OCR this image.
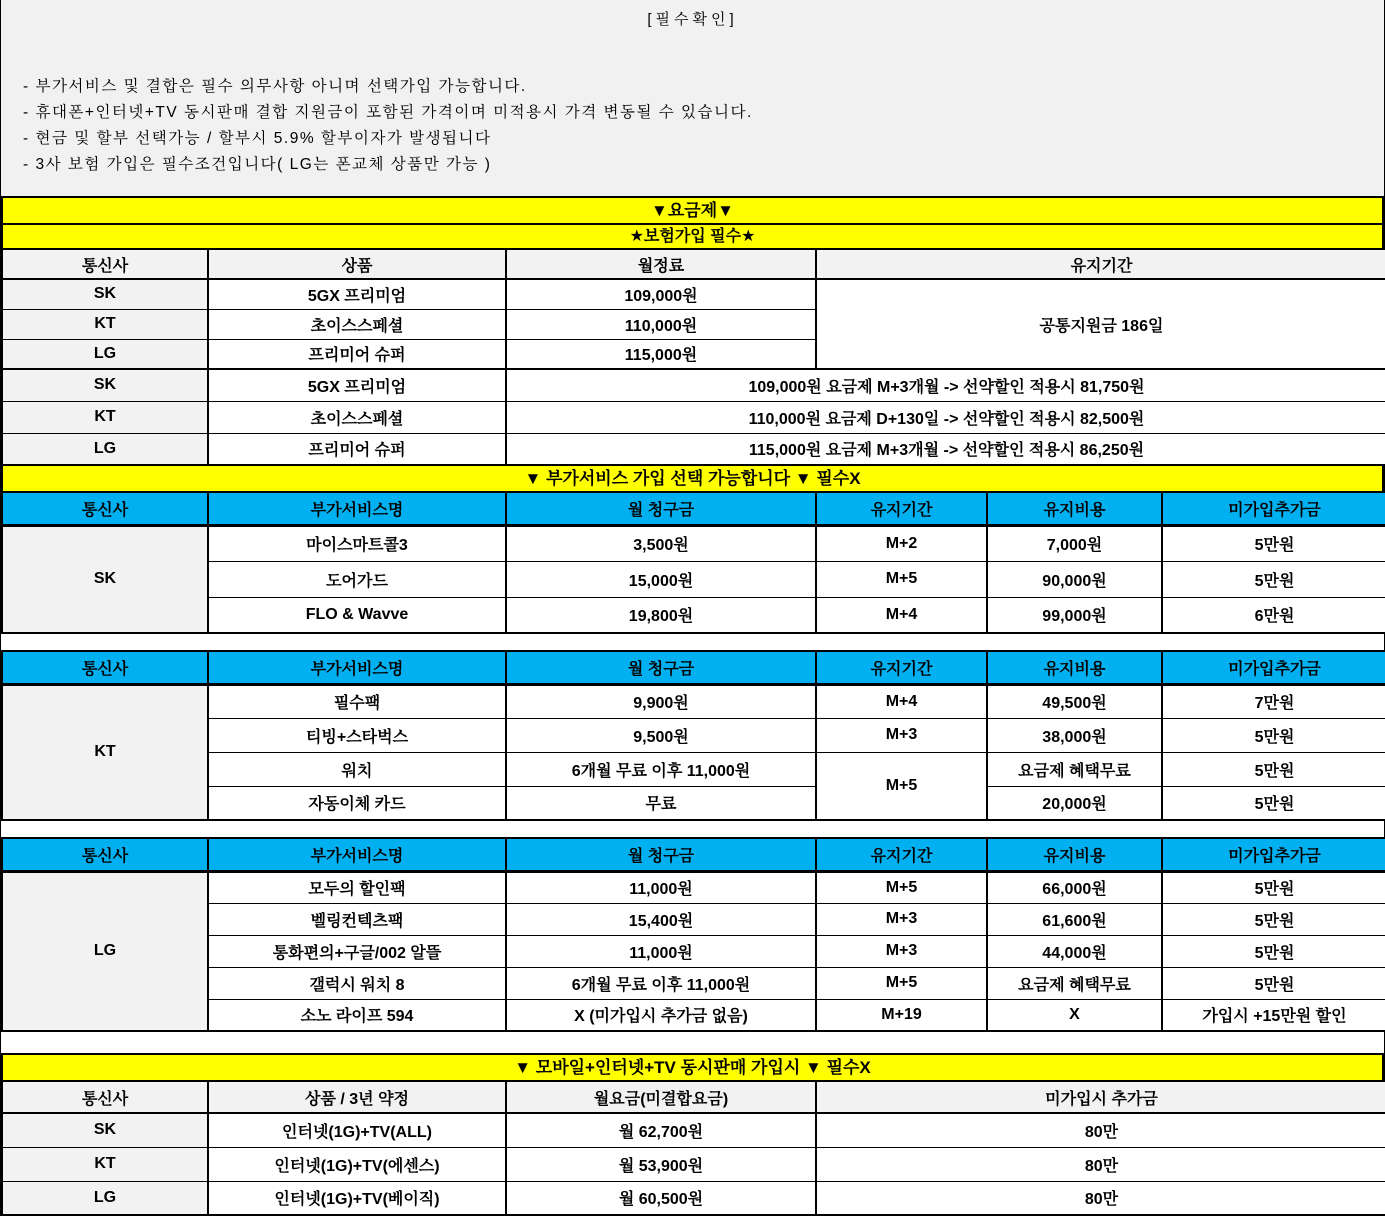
[필수확인]
- 부가서비스 및 결합은 필수 의무사항 아니며 선택가입 가능합니다.
- 휴대폰+인터넷+TV 동시판매 결합 지원금이 포함된 가격이며 미적용시 가격 변동될 수 있습니다.
- 현금 및 할부 선택가능 / 할부시 5.9% 할부이자가 발생됩니다
- 3사 보험 가입은 필수조건입니다( LG는 폰교체 상품만 가능 )
▼요금제▼
★보험가입 필수★
통신사	상품	월정료	유지기간
SK	5GX 프리미엄	109,000원	공통지원금 186일
KT	초이스스페셜	110,000원	
LG	프리미어 슈퍼	115,000원	
SK	5GX 프리미엄	109,000원 요금제 M+3개월 -> 선약할인 적용시 81,750원	
KT	초이스스페셜	110,000원 요금제 D+130일 -> 선약할인 적용시 82,500원	
LG	프리미어 슈퍼	115,000원 요금제 M+3개월 -> 선약할인 적용시 86,250원	
▼ 부가서비스 가입 선택 가능합니다 ▼ 필수X
통신사	부가서비스명	월 청구금	유지기간	유지비용	미가입추가금
SK	마이스마트콜3	3,500원	M+2	7,000원	5만원
	도어가드	15,000원	M+5	90,000원	5만원
	FLO & Wavve	19,800원	M+4	99,000원	6만원
통신사	부가서비스명	월 청구금	유지기간	유지비용	미가입추가금
KT	필수팩	9,900원	M+4	49,500원	7만원
	티빙+스타벅스	9,500원	M+3	38,000원	5만원
	워치	6개월 무료 이후 11,000원	M+5	요금제 혜택무료	5만원
	자동이체 카드	무료		20,000원	5만원
통신사	부가서비스명	월 청구금	유지기간	유지비용	미가입추가금
LG	모두의 할인팩	11,000원	M+5	66,000원	5만원
	벨링컨텍츠팩	15,400원	M+3	61,600원	5만원
	통화편의+구글/002 알뜰	11,000원	M+3	44,000원	5만원
	갤럭시 워치 8	6개월 무료 이후 11,000원	M+5	요금제 혜택무료	5만원
	소노 라이프 594	X (미가입시 추가금 없음)	M+19	X	가입시 +15만원 할인
▼ 모바일+인터넷+TV 동시판매 가입시 ▼ 필수X
통신사	상품 / 3년 약정	월요금(미결합요금)	미가입시 추가금
SK	인터넷(1G)+TV(ALL)	월 62,700원	80만
KT	인터넷(1G)+TV(에센스)	월 53,900원	80만
LG	인터넷(1G)+TV(베이직)	월 60,500원	80만
